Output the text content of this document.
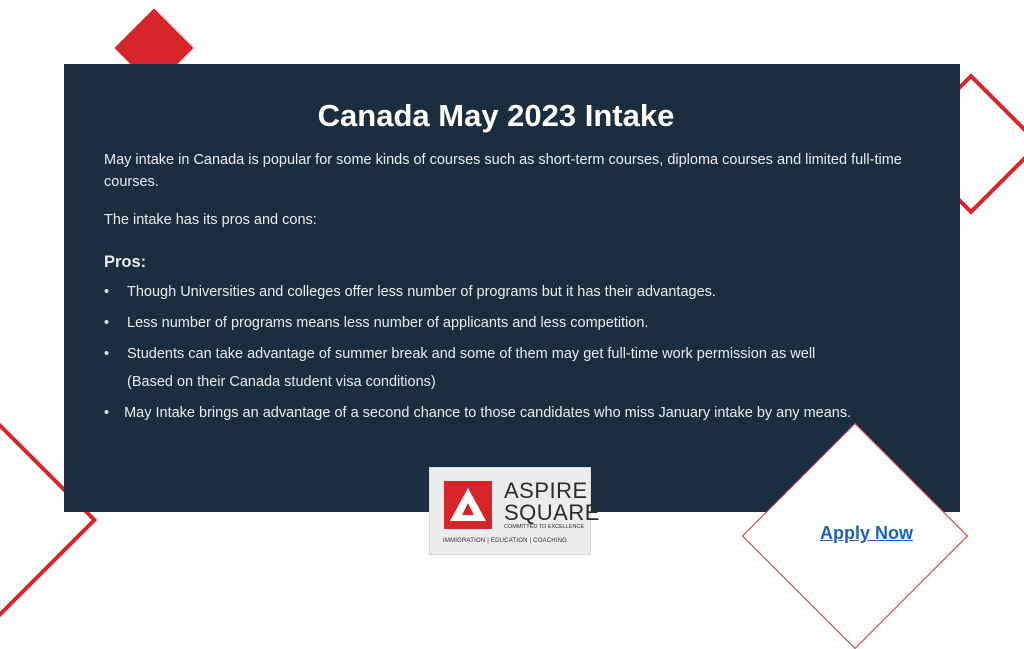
Canada May 2023 Intake

May intake in Canada is popular for some kinds of courses such as short-term courses, diploma courses and limited full-time courses.

The intake has its pros and cons:
Pros:
• Though Universities and colleges offer less number of programs but it has their advantages.
• Less number of programs means less number of applicants and less competition.
• Students can take advantage of summer break and some of them may get full-time work permission as well
(Based on their Canada student visa conditions)
• May Intake brings an advantage of a second chance to those candidates who miss January intake by any means.
ASPIRE
SQUARE
COMMITTED TO EXCELLENCE
IMMIGRATION | EDUCATION | COACHING	Apply Now
